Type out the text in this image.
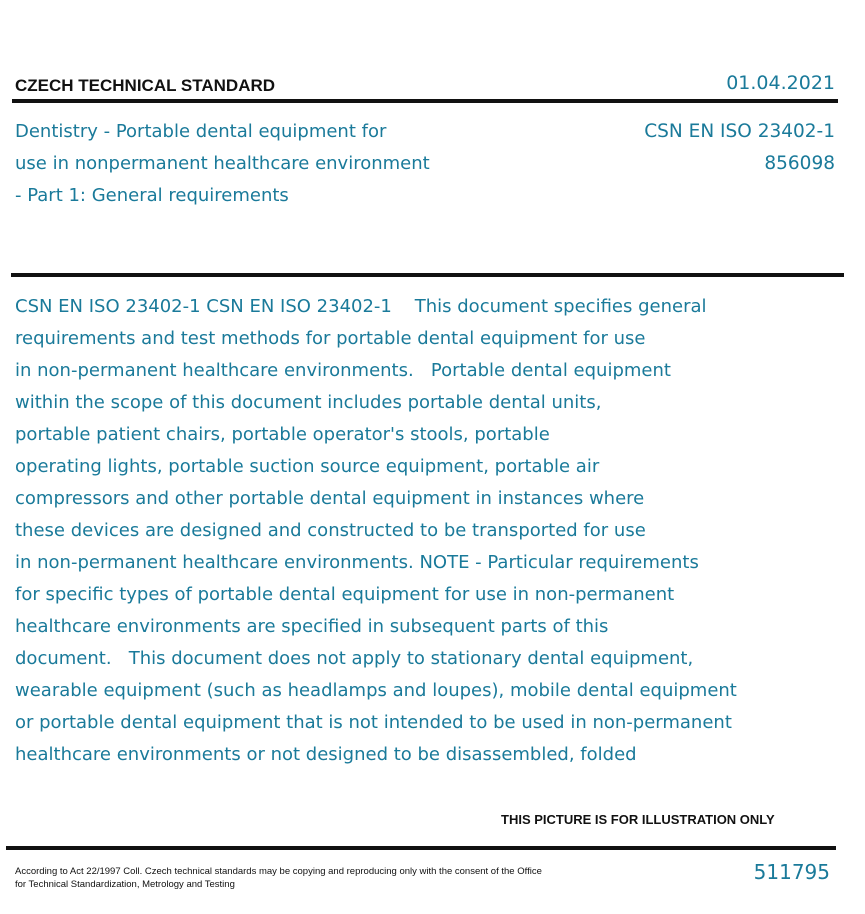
CZECH TECHNICAL STANDARD	01.04.2021
Dentistry - Portable dental equipment for
use in nonpermanent healthcare environment
- Part 1: General requirements
CSN EN ISO 23402-1
856098
CSN EN ISO 23402-1 CSN EN ISO 23402-1    This document specifies general
requirements and test methods for portable dental equipment for use
in non-permanent healthcare environments.   Portable dental equipment
within the scope of this document includes portable dental units,
portable patient chairs, portable operator's stools, portable
operating lights, portable suction source equipment, portable air
compressors and other portable dental equipment in instances where
these devices are designed and constructed to be transported for use
in non-permanent healthcare environments. NOTE - Particular requirements
for specific types of portable dental equipment for use in non-permanent
healthcare environments are specified in subsequent parts of this
document.   This document does not apply to stationary dental equipment,
wearable equipment (such as headlamps and loupes), mobile dental equipment
or portable dental equipment that is not intended to be used in non-permanent
healthcare environments or not designed to be disassembled, folded
THIS PICTURE IS FOR ILLUSTRATION ONLY
According to Act 22/1997 Coll. Czech technical standards may be copying and reproducing only with the consent of the Office
for Technical Standardization, Metrology and Testing
511795
